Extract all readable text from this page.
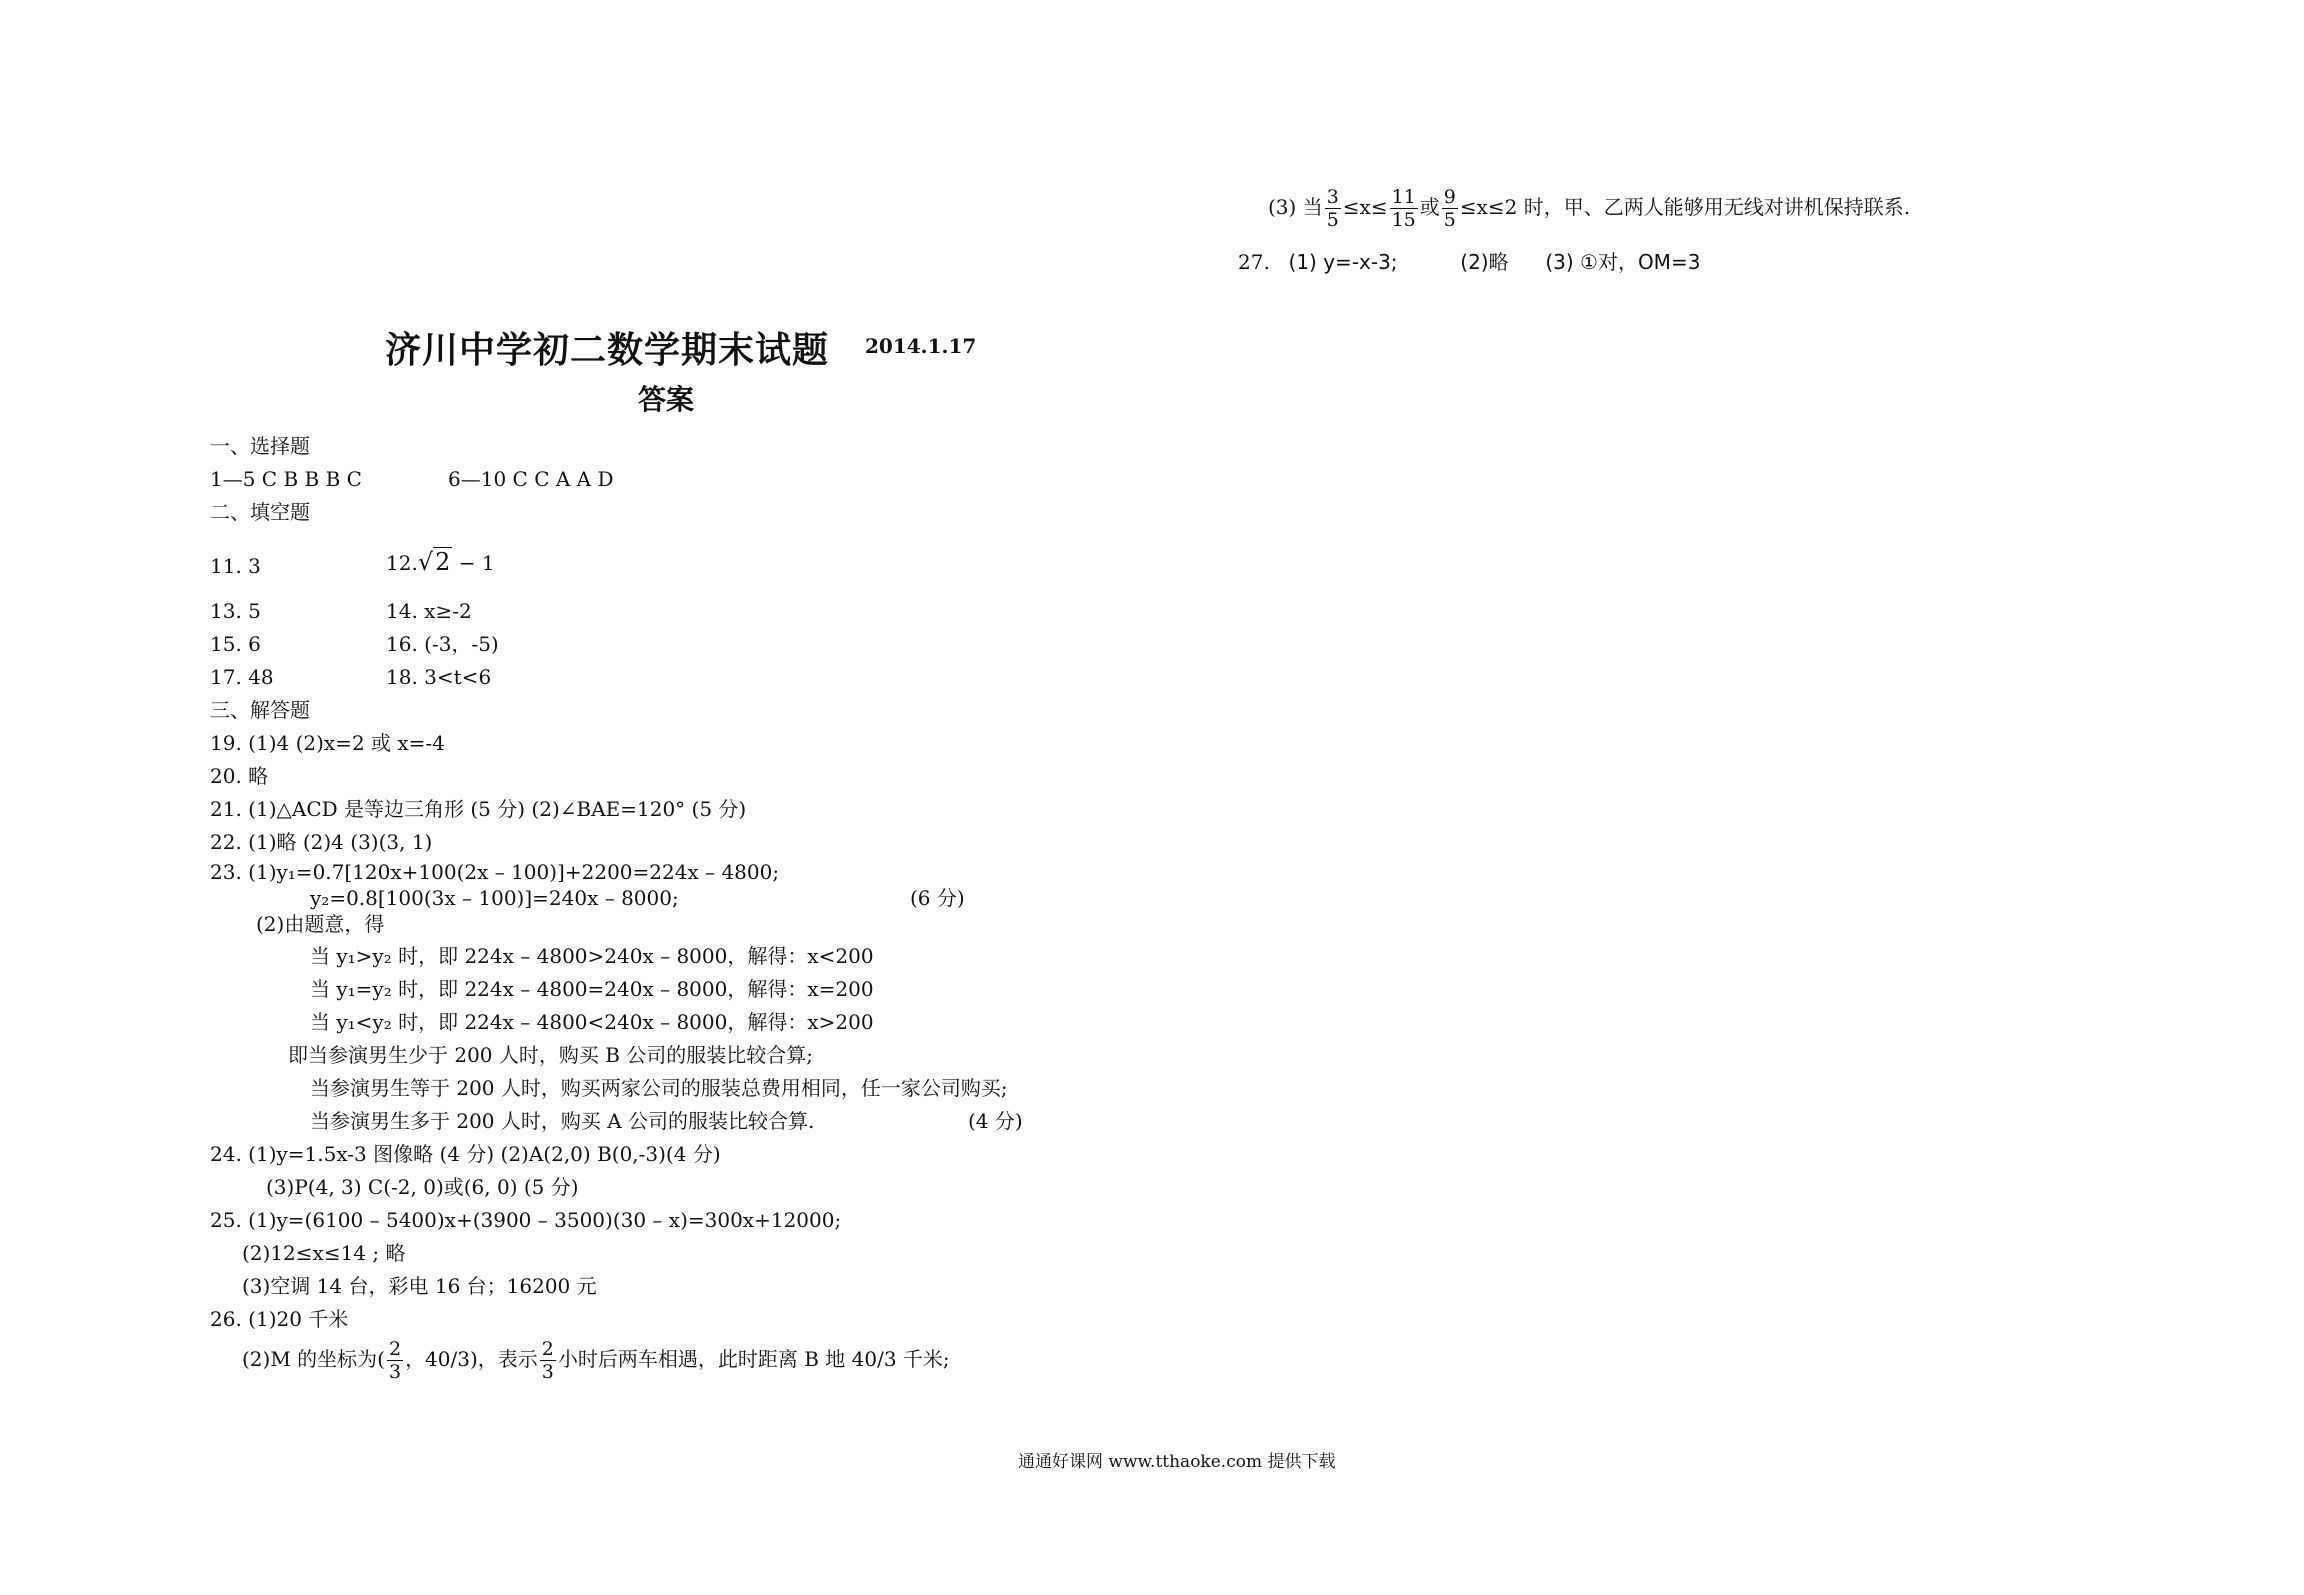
(3) 当 $\frac{3}{5} \le x\le \frac{11}{15}$ 或 $\frac{9}{5} \le x\le 2$ 时，甲、乙两人能够用无线对讲机保持联系.
27. (1) y=-x-3;	(2)略 (3) ①对，OM=3
济川中学初二数学期末试题 2014.1.17
答案
一、选择题
1—5 C B B B C	6—10 C C A A D
二、填空题
11. 3	12.√2 − 1
13. 5	14. x≥-2
15. 6	16. (-3，-5)
17. 48	18. 3<t<6
三、解答题
19. (1)4 (2)x=2 或 x=-4
20. 略
21. (1)△ACD 是等边三角形 (5 分) (2)∠BAE=120° (5 分)
22. (1)略 (2)4 (3)(3, 1)
23. (1)y₁=0.7[120x+100(2x – 100)]+2200=224x – 4800;
y₂=0.8[100(3x – 100)]=240x – 8000;	(6 分)
(2)由题意，得
当 y₁>y₂ 时，即 224x – 4800>240x – 8000，解得：x<200
当 y₁=y₂ 时，即 224x – 4800=240x – 8000，解得：x=200
当 y₁<y₂ 时，即 224x – 4800<240x – 8000，解得：x>200
即当参演男生少于 200 人时，购买 B 公司的服装比较合算;
当参演男生等于 200 人时，购买两家公司的服装总费用相同，任一家公司购买;
当参演男生多于 200 人时，购买 A 公司的服装比较合算.	(4 分)
24. (1)y=1.5x-3 图像略 (4 分) (2)A(2,0) B(0,-3)(4 分)
(3)P(4, 3) C(-2, 0)或(6, 0) (5 分)
25. (1)y=(6100 – 5400)x+(3900 – 3500)(30 – x)=300x+12000;
(2)12≤x≤14 ; 略
(3)空调 14 台，彩电 16 台；16200 元
26. (1)20 千米
(2)M 的坐标为( $\frac{2}{3}$ ，40/3)，表示 $\frac{2}{3}$ 小时后两车相遇，此时距离 B 地 40/3 千米;
通通好课网 www.tthaoke.com 提供下载
